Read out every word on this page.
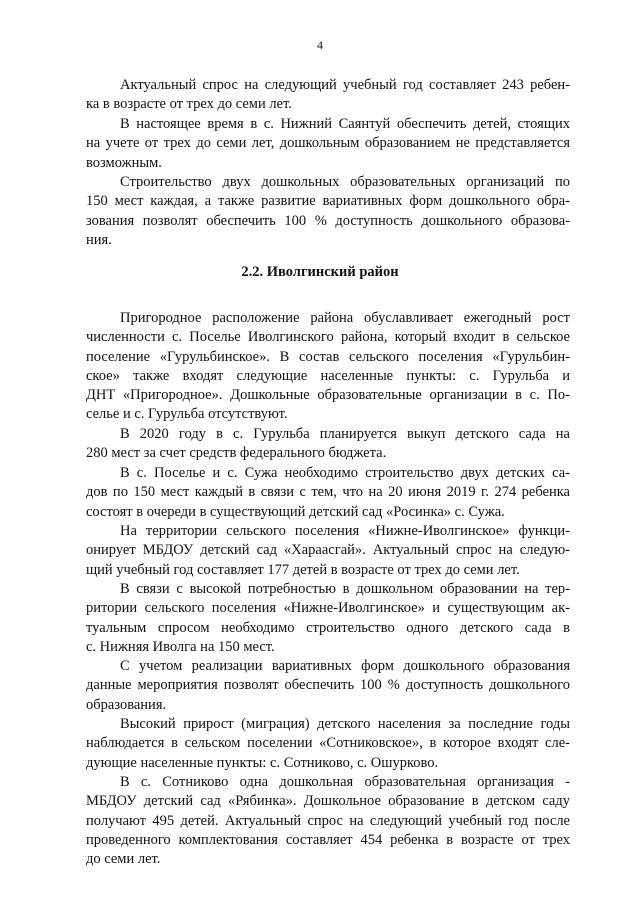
4
Актуальный спрос на следующий учебный год составляет 243 ребен-
ка в возрасте от трех до семи лет.
В настоящее время в с. Нижний Саянтуй обеспечить детей, стоящих
на учете от трех до семи лет, дошкольным образованием не представляется
возможным.
Строительство двух дошкольных образовательных организаций по
150 мест каждая, а также развитие вариативных форм дошкольного обра-
зования позволят обеспечить 100 % доступность дошкольного образова-
ния.
2.2. Иволгинский район
Пригородное расположение района обуславливает ежегодный рост
численности с. Поселье Иволгинского района, который входит в сельское
поселение «Гурульбинское». В состав сельского поселения «Гурульбин-
ское» также входят следующие населенные пункты: с. Гурульба и
ДНТ «Пригородное». Дошкольные образовательные организации в с. По-
селье и с. Гурульба отсутствуют.
В 2020 году в с. Гурульба планируется выкуп детского сада на
280 мест за счет средств федерального бюджета.
В с. Поселье и с. Сужа необходимо строительство двух детских са-
дов по 150 мест каждый в связи с тем, что на 20 июня 2019 г. 274 ребенка
состоят в очереди в существующий детский сад «Росинка» с. Сужа.
На территории сельского поселения «Нижне-Иволгинское» функци-
онирует МБДОУ детский сад «Хараасгай». Актуальный спрос на следую-
щий учебный год составляет 177 детей в возрасте от трех до семи лет.
В связи с высокой потребностью в дошкольном образовании на тер-
ритории сельского поселения «Нижне-Иволгинское» и существующим ак-
туальным спросом необходимо строительство одного детского сада в
с. Нижняя Иволга на 150 мест.
С учетом реализации вариативных форм дошкольного образования
данные мероприятия позволят обеспечить 100 % доступность дошкольного
образования.
Высокий прирост (миграция) детского населения за последние годы
наблюдается в сельском поселении «Сотниковское», в которое входят сле-
дующие населенные пункты: с. Сотниково, с. Ошурково.
В с. Сотниково одна дошкольная образовательная организация -
МБДОУ детский сад «Рябинка». Дошкольное образование в детском саду
получают 495 детей. Актуальный спрос на следующий учебный год после
проведенного комплектования составляет 454 ребенка в возрасте от трех
до семи лет.
